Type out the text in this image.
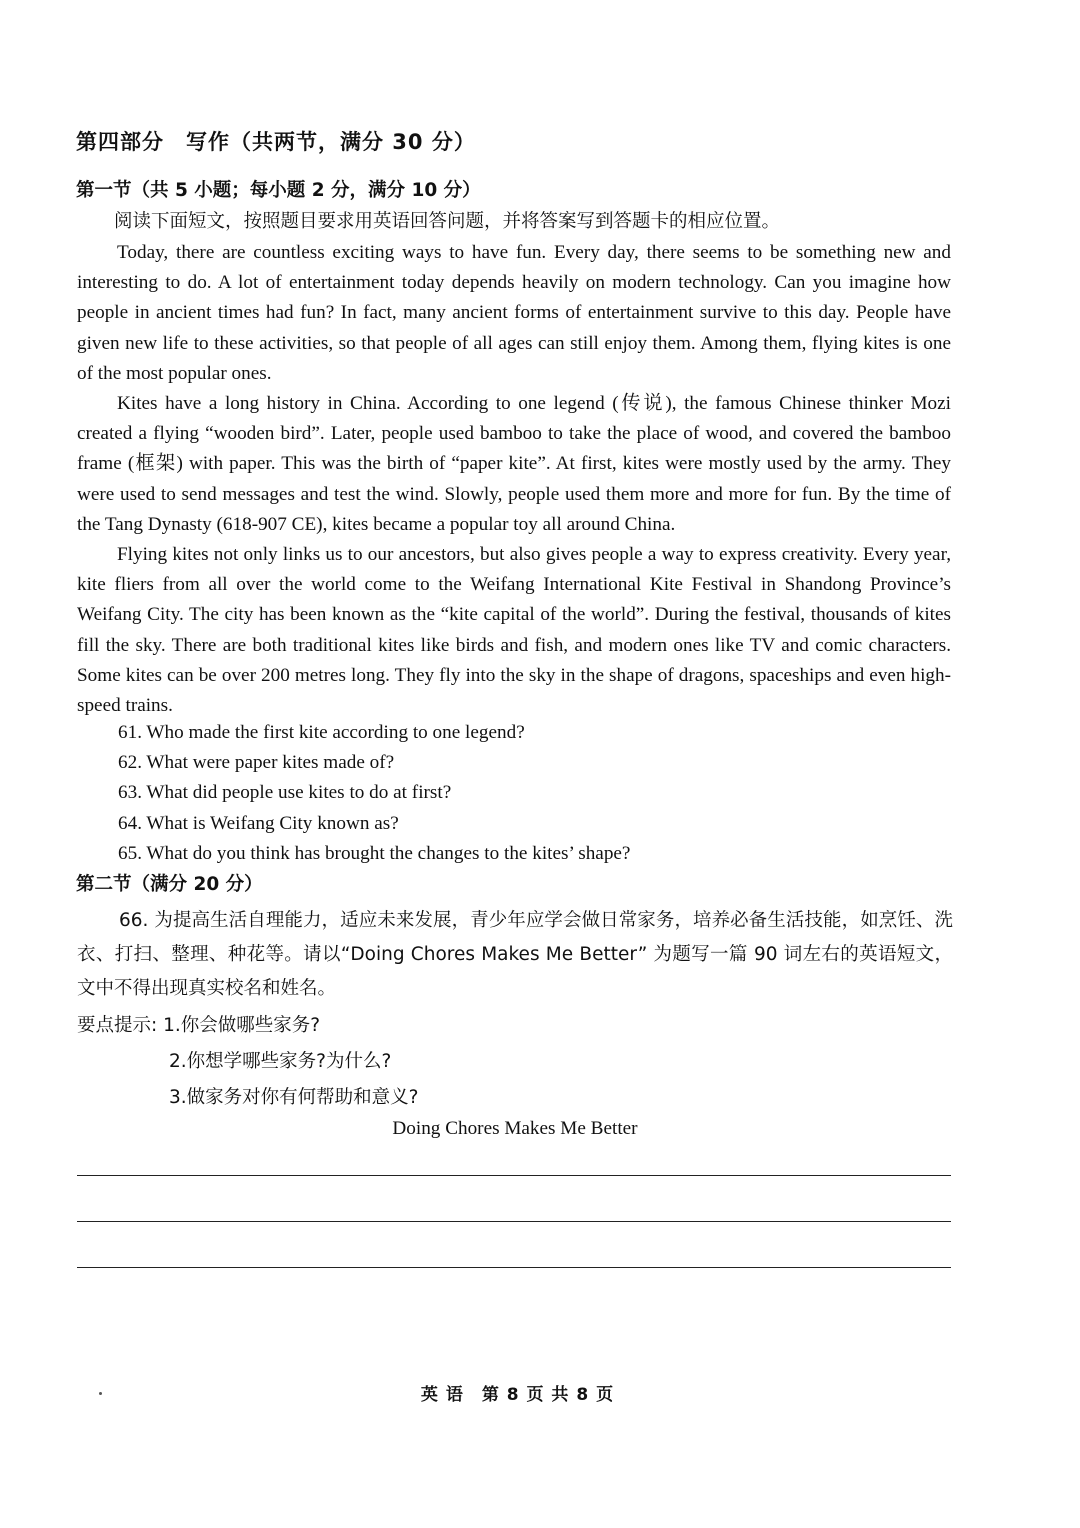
第四部分　写作（共两节，满分 30 分）
第一节（共 5 小题；每小题 2 分，满分 10 分）
阅读下面短文，按照题目要求用英语回答问题，并将答案写到答题卡的相应位置。

Today, there are countless exciting ways to have fun. Every day, there seems to be something new and interesting to do. A lot of entertainment today depends heavily on modern technology. Can you imagine how people in ancient times had fun? In fact, many ancient forms of entertainment survive to this day. People have given new life to these activities, so that people of all ages can still enjoy them. Among them, flying kites is one of the most popular ones.

Kites have a long history in China. According to one legend (传说), the famous Chinese thinker Mozi created a flying “wooden bird”. Later, people used bamboo to take the place of wood, and covered the bamboo frame (框架) with paper. This was the birth of “paper kite”. At first, kites were mostly used by the army. They were used to send messages and test the wind. Slowly, people used them more and more for fun. By the time of the Tang Dynasty (618-907 CE), kites became a popular toy all around China.

Flying kites not only links us to our ancestors, but also gives people a way to express creativity. Every year, kite fliers from all over the world come to the Weifang International Kite Festival in Shandong Province’s Weifang City. The city has been known as the “kite capital of the world”. During the festival, thousands of kites fill the sky. There are both traditional kites like birds and fish, and modern ones like TV and comic characters. Some kites can be over 200 metres long. They fly into the sky in the shape of dragons, spaceships and even high-speed trains.

61. Who made the first kite according to one legend?
62. What were paper kites made of?
63. What did people use kites to do at first?
64. What is Weifang City known as?
65. What do you think has brought the changes to the kites’ shape?
第二节（满分 20 分）

66. 为提高生活自理能力，适应未来发展，青少年应学会做日常家务，培养必备生活技能，如烹饪、洗衣、打扫、整理、种花等。请以“Doing Chores Makes Me Better” 为题写一篇 90 词左右的英语短文，文中不得出现真实校名和姓名。

要点提示: 1.你会做哪些家务?
2.你想学哪些家务?为什么?
3.做家务对你有何帮助和意义?
Doing Chores Makes Me Better
英 语　第 8 页 共 8 页
